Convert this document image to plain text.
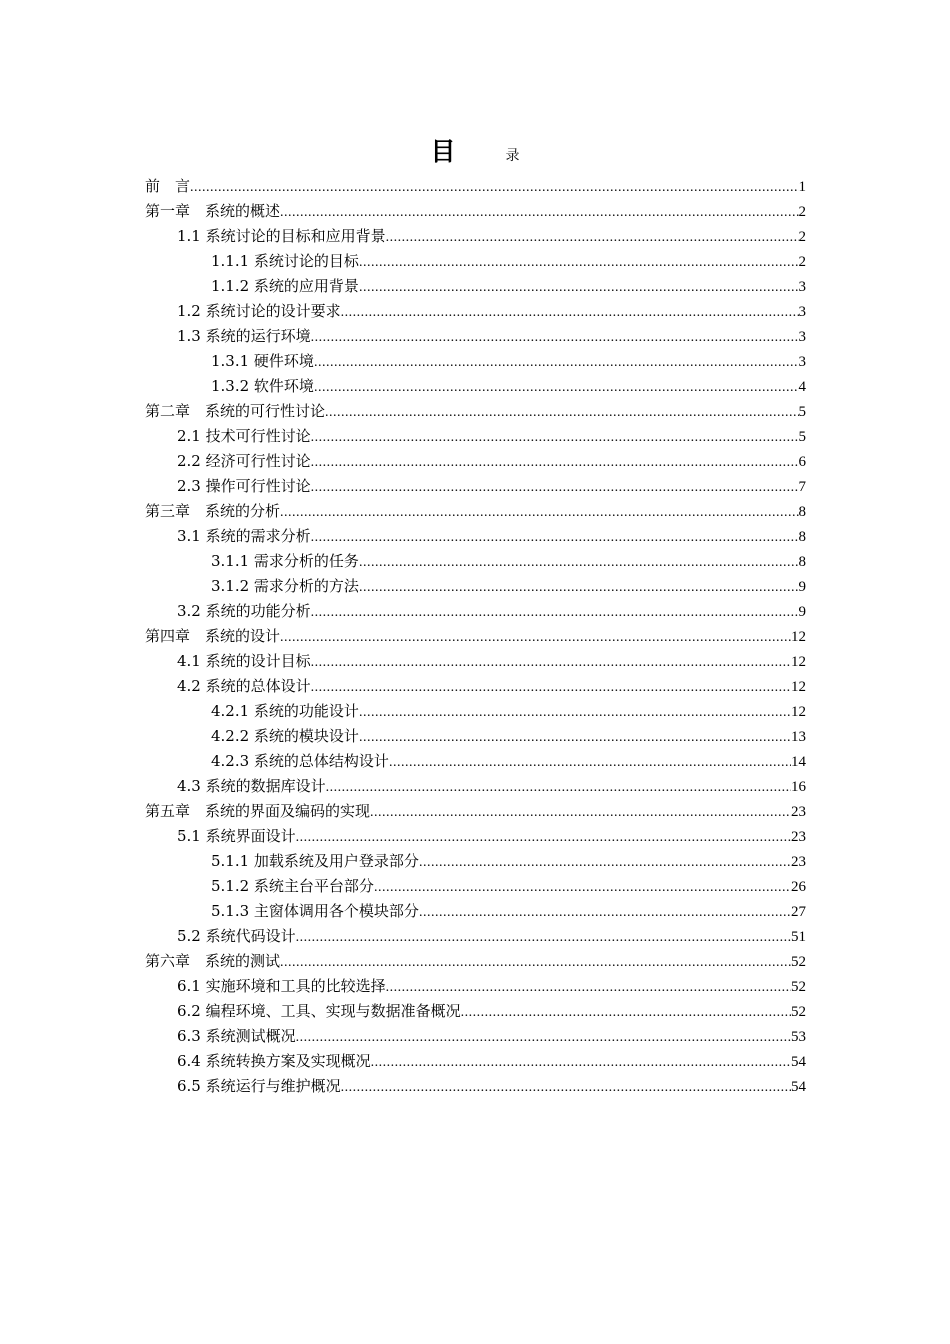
目	录
前　言 .....	1
第一章　系统的概述 .....	2
1.1 系统讨论的目标和应用背景 .....	2
1.1.1 系统讨论的目标 .....	2
1.1.2 系统的应用背景 .....	3
1.2 系统讨论的设计要求 .....	3
1.3 系统的运行环境 .....	3
1.3.1 硬件环境 .....	3
1.3.2 软件环境 .....	4
第二章　系统的可行性讨论 .....	5
2.1 技术可行性讨论 .....	5
2.2 经济可行性讨论 .....	6
2.3 操作可行性讨论 .....	7
第三章　系统的分析 .....	8
3.1 系统的需求分析 .....	8
3.1.1 需求分析的任务 .....	8
3.1.2 需求分析的方法 .....	9
3.2 系统的功能分析 .....	9
第四章　系统的设计 .....	12
4.1 系统的设计目标 .....	12
4.2 系统的总体设计 .....	12
4.2.1 系统的功能设计 .....	12
4.2.2 系统的模块设计 .....	13
4.2.3 系统的总体结构设计 .....	14
4.3 系统的数据库设计 .....	16
第五章　系统的界面及编码的实现 .....	23
5.1 系统界面设计 .....	23
5.1.1 加载系统及用户登录部分 .....	23
5.1.2 系统主台平台部分 .....	26
5.1.3 主窗体调用各个模块部分 .....	27
5.2 系统代码设计 .....	51
第六章　系统的测试 .....	52
6.1 实施环境和工具的比较选择 .....	52
6.2 编程环境、工具、实现与数据准备概况 .....	52
6.3 系统测试概况 .....	53
6.4 系统转换方案及实现概况 .....	54
6.5 系统运行与维护概况 .....	54
